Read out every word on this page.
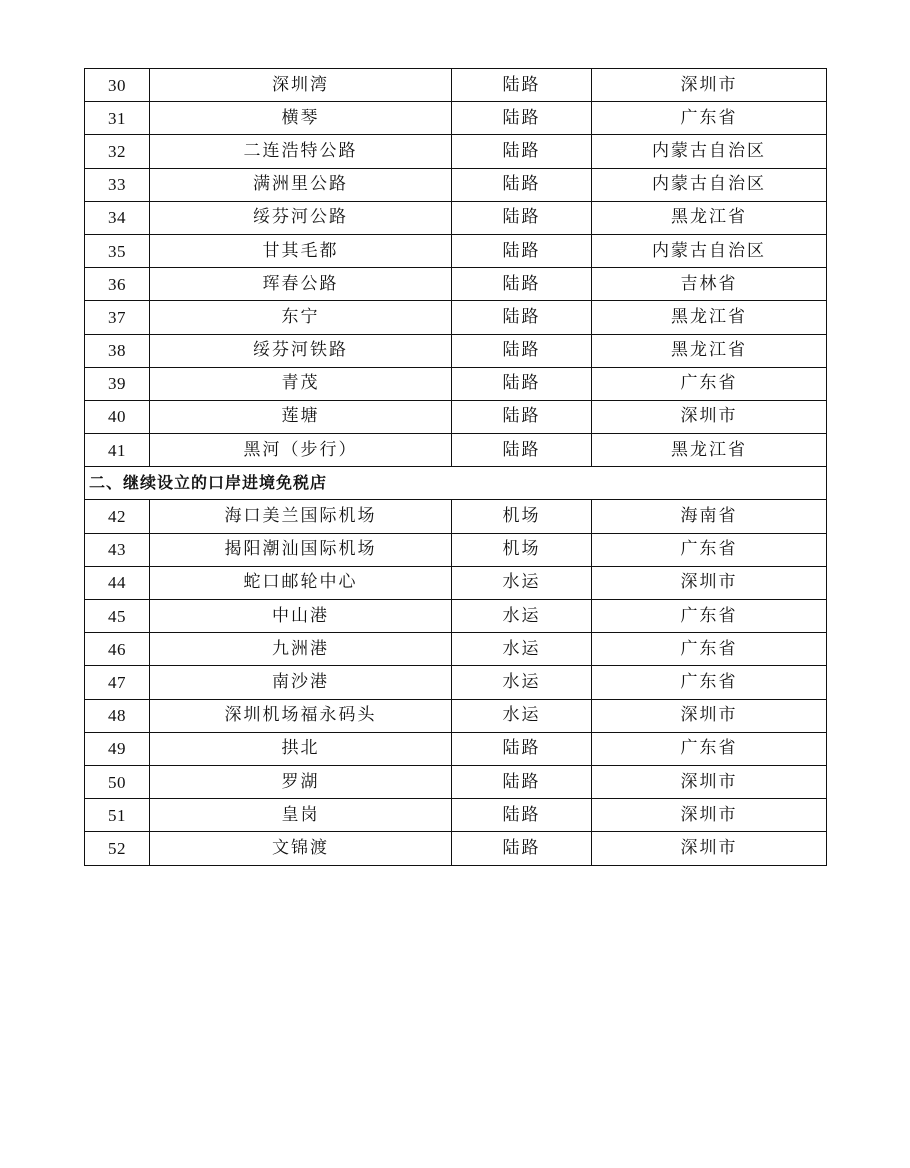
30	深圳湾	陆路	深圳市
31	横琴	陆路	广东省
32	二连浩特公路	陆路	内蒙古自治区
33	满洲里公路	陆路	内蒙古自治区
34	绥芬河公路	陆路	黑龙江省
35	甘其毛都	陆路	内蒙古自治区
36	珲春公路	陆路	吉林省
37	东宁	陆路	黑龙江省
38	绥芬河铁路	陆路	黑龙江省
39	青茂	陆路	广东省
40	莲塘	陆路	深圳市
41	黑河（步行）	陆路	黑龙江省
二、继续设立的口岸进境免税店			
42	海口美兰国际机场	机场	海南省
43	揭阳潮汕国际机场	机场	广东省
44	蛇口邮轮中心	水运	深圳市
45	中山港	水运	广东省
46	九洲港	水运	广东省
47	南沙港	水运	广东省
48	深圳机场福永码头	水运	深圳市
49	拱北	陆路	广东省
50	罗湖	陆路	深圳市
51	皇岗	陆路	深圳市
52	文锦渡	陆路	深圳市
